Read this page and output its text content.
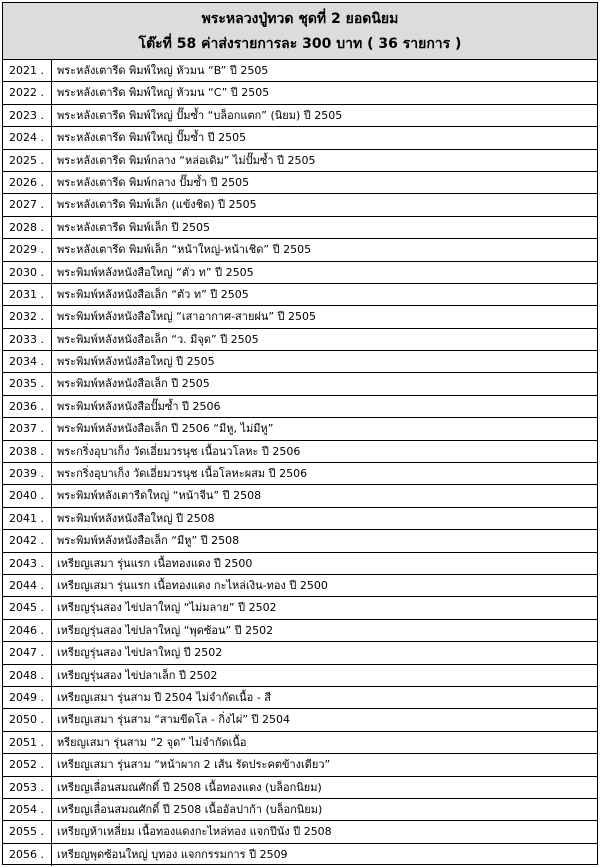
พระหลวงปู่ทวด ชุดที่ 2 ยอดนิยม
โต๊ะที่ 58 ค่าส่งรายการละ 300 บาท ( 36 รายการ )
2021 .	พระหลังเตารีด พิมพ์ใหญ่ หัวมน “B” ปี 2505
2022 .	พระหลังเตารีด พิมพ์ใหญ่ หัวมน “C” ปี 2505
2023 .	พระหลังเตารีด พิมพ์ใหญ่ ปั๊มซ้ำ “บล็อกแตก” (นิยม) ปี 2505
2024 .	พระหลังเตารีด พิมพ์ใหญ่ ปั๊มซ้ำ ปี 2505
2025 .	พระหลังเตารีด พิมพ์กลาง “หล่อเดิม” ไม่ปั๊มซ้ำ ปี 2505
2026 .	พระหลังเตารีด พิมพ์กลาง ปั๊มซ้ำ ปี 2505
2027 .	พระหลังเตารีด พิมพ์เล็ก (แข้งชิด) ปี 2505
2028 .	พระหลังเตารีด พิมพ์เล็ก ปี 2505
2029 .	พระหลังเตารีด พิมพ์เล็ก “หน้าใหญ่-หน้าเชิด” ปี 2505
2030 .	พระพิมพ์หลังหนังสือใหญ่ “ตัว ท” ปี 2505
2031 .	พระพิมพ์หลังหนังสือเล็ก “ตัว ท” ปี 2505
2032 .	พระพิมพ์หลังหนังสือใหญ่ “เสาอากาศ-สายฝน” ปี 2505
2033 .	พระพิมพ์หลังหนังสือเล็ก “ว. มีจุด” ปี 2505
2034 .	พระพิมพ์หลังหนังสือใหญ่ ปี 2505
2035 .	พระพิมพ์หลังหนังสือเล็ก ปี 2505
2036 .	พระพิมพ์หลังหนังสือปั๊มซ้ำ ปี 2506
2037 .	พระพิมพ์หลังหนังสือเล็ก ปี 2506 “มีหู, ไม่มีหู”
2038 .	พระกริ่งอุบาเก็ง วัดเอี่ยมวรนุช เนื้อนวโลหะ ปี 2506
2039 .	พระกริ่งอุบาเก็ง วัดเอี่ยมวรนุช เนื้อโลหะผสม ปี 2506
2040 .	พระพิมพ์หลังเตารีดใหญ่ “หน้าจีน” ปี 2508
2041 .	พระพิมพ์หลังหนังสือใหญ่ ปี 2508
2042 .	พระพิมพ์หลังหนังสือเล็ก “มีหู” ปี 2508
2043 .	เหรียญเสมา รุ่นแรก เนื้อทองแดง ปี 2500
2044 .	เหรียญเสมา รุ่นแรก เนื้อทองแดง กะไหล่เงิน-ทอง ปี 2500
2045 .	เหรียญรุ่นสอง ไข่ปลาใหญ่ “ไม่มลาย” ปี 2502
2046 .	เหรียญรุ่นสอง ไข่ปลาใหญ่ “พุดซ้อน” ปี 2502
2047 .	เหรียญรุ่นสอง ไข่ปลาใหญ่ ปี 2502
2048 .	เหรียญรุ่นสอง ไข่ปลาเล็ก ปี 2502
2049 .	เหรียญเสมา รุ่นสาม ปี 2504 ไม่จำกัดเนื้อ - สี
2050 .	เหรียญเสมา รุ่นสาม “สามขีดโล - กิ่งไผ่” ปี 2504
2051 .	หรียญเสมา รุ่นสาม “2 จุด” ไม่จำกัดเนื้อ
2052 .	เหรียญเสมา รุ่นสาม “หน้าผาก 2 เส้น รัดประคตข้างเดียว”
2053 .	เหรียญเลื่อนสมณศักดิ์ ปี 2508 เนื้อทองแดง (บล็อกนิยม)
2054 .	เหรียญเลื่อนสมณศักดิ์ ปี 2508 เนื้ออัลปาก้า (บล็อกนิยม)
2055 .	เหรียญห้าเหลี่ยม เนื้อทองแดงกะไหล่ทอง แจกปีนัง ปี 2508
2056 .	เหรียญพุดซ้อนใหญ่ บุทอง แจกกรรมการ ปี 2509
